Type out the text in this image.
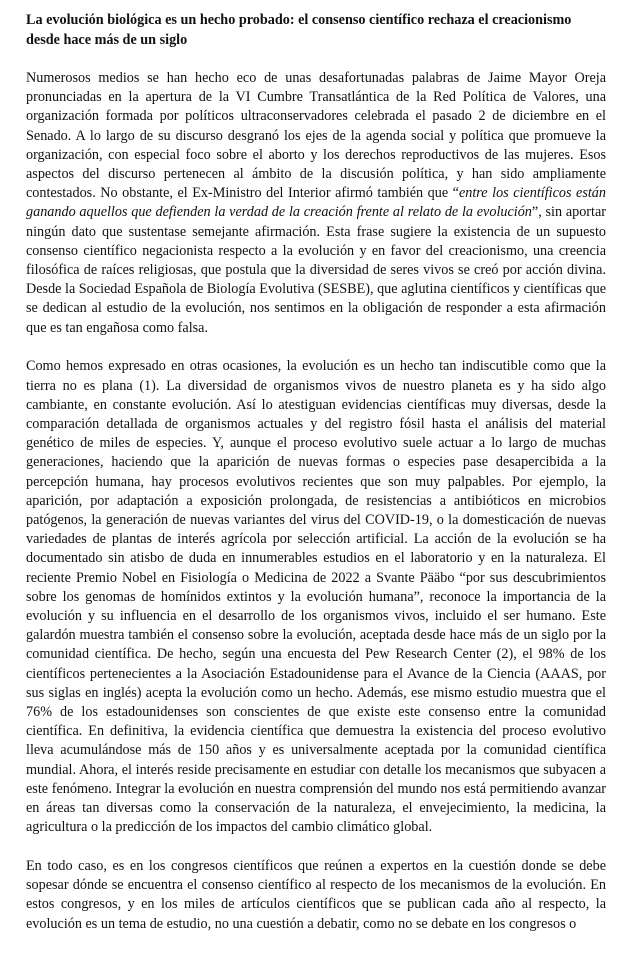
La evolución biológica es un hecho probado: el consenso científico rechaza el creacionismo desde hace más de un siglo

Numerosos medios se han hecho eco de unas desafortunadas palabras de Jaime Mayor Oreja pronunciadas en la apertura de la VI Cumbre Transatlántica de la Red Política de Valores, una organización formada por políticos ultraconservadores celebrada el pasado 2 de diciembre en el Senado. A lo largo de su discurso desgranó los ejes de la agenda social y política que promueve la organización, con especial foco sobre el aborto y los derechos reproductivos de las mujeres. Esos aspectos del discurso pertenecen al ámbito de la discusión política, y han sido ampliamente contestados. No obstante, el Ex-Ministro del Interior afirmó también que “entre los científicos están ganando aquellos que defienden la verdad de la creación frente al relato de la evolución”, sin aportar ningún dato que sustentase semejante afirmación. Esta frase sugiere la existencia de un supuesto consenso científico negacionista respecto a la evolución y en favor del creacionismo, una creencia filosófica de raíces religiosas, que postula que la diversidad de seres vivos se creó por acción divina. Desde la Sociedad Española de Biología Evolutiva (SESBE), que aglutina científicos y científicas que se dedican al estudio de la evolución, nos sentimos en la obligación de responder a esta afirmación que es tan engañosa como falsa.

Como hemos expresado en otras ocasiones, la evolución es un hecho tan indiscutible como que la tierra no es plana (1). La diversidad de organismos vivos de nuestro planeta es y ha sido algo cambiante, en constante evolución. Así lo atestiguan evidencias científicas muy diversas, desde la comparación detallada de organismos actuales y del registro fósil hasta el análisis del material genético de miles de especies. Y, aunque el proceso evolutivo suele actuar a lo largo de muchas generaciones, haciendo que la aparición de nuevas formas o especies pase desapercibida a la percepción humana, hay procesos evolutivos recientes que son muy palpables. Por ejemplo, la aparición, por adaptación a exposición prolongada, de resistencias a antibióticos en microbios patógenos, la generación de nuevas variantes del virus del COVID-19, o la domesticación de nuevas variedades de plantas de interés agrícola por selección artificial. La acción de la evolución se ha documentado sin atisbo de duda en innumerables estudios en el laboratorio y en la naturaleza. El reciente Premio Nobel en Fisiología o Medicina de 2022 a Svante Pääbo “por sus descubrimientos sobre los genomas de homínidos extintos y la evolución humana”, reconoce la importancia de la evolución y su influencia en el desarrollo de los organismos vivos, incluido el ser humano. Este galardón muestra también el consenso sobre la evolución, aceptada desde hace más de un siglo por la comunidad científica. De hecho, según una encuesta del Pew Research Center (2), el 98% de los científicos pertenecientes a la Asociación Estadounidense para el Avance de la Ciencia (AAAS, por sus siglas en inglés) acepta la evolución como un hecho. Además, ese mismo estudio muestra que el 76% de los estadounidenses son conscientes de que existe este consenso entre la comunidad científica. En definitiva, la evidencia científica que demuestra la existencia del proceso evolutivo lleva acumulándose más de 150 años y es universalmente aceptada por la comunidad científica mundial. Ahora, el interés reside precisamente en estudiar con detalle los mecanismos que subyacen a este fenómeno. Integrar la evolución en nuestra comprensión del mundo nos está permitiendo avanzar en áreas tan diversas como la conservación de la naturaleza, el envejecimiento, la medicina, la agricultura o la predicción de los impactos del cambio climático global.

En todo caso, es en los congresos científicos que reúnen a expertos en la cuestión donde se debe sopesar dónde se encuentra el consenso científico al respecto de los mecanismos de la evolución. En estos congresos, y en los miles de artículos científicos que se publican cada año al respecto, la evolución es un tema de estudio, no una cuestión a debatir, como no se debate en los congresos o
